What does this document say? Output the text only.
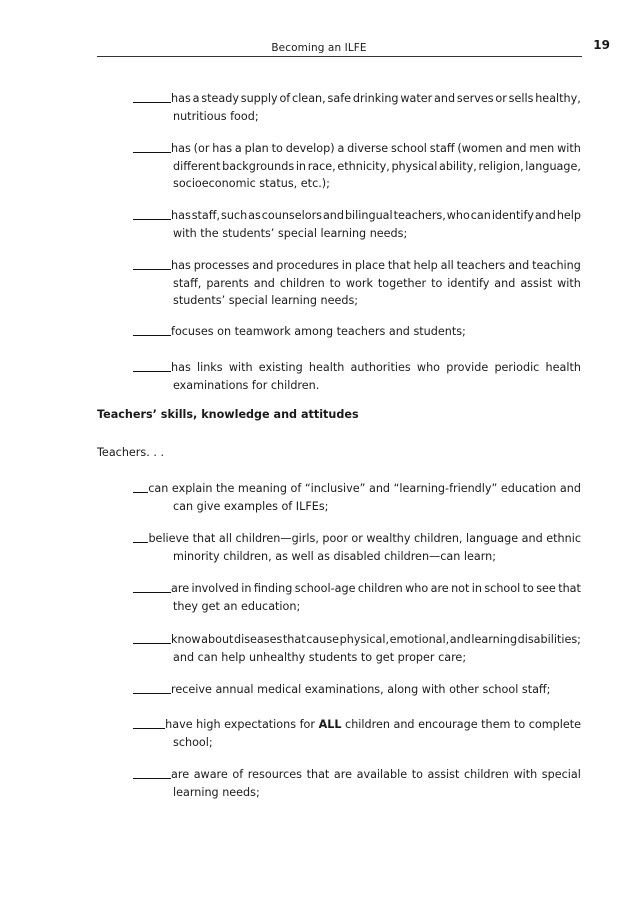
Becoming an ILFE	19
has a steady supply of clean, safe drinking water and serves or sells healthy,
nutritious food;
has (or has a plan to develop) a diverse school staff (women and men with
different backgrounds in race, ethnicity, physical ability, religion, language,
socioeconomic status, etc.);
has staff, such as counselors and bilingual teachers, who can identify and help
with the students’ special learning needs;
has processes and procedures in place that help all teachers and teaching
staff, parents and children to work together to identify and assist with
students’ special learning needs;
focuses on teamwork among teachers and students;
has links with existing health authorities who provide periodic health
examinations for children.
Teachers’ skills, knowledge and attitudes
Teachers. . .
can explain the meaning of “inclusive” and “learning-friendly” education and
can give examples of ILFEs;
believe that all children—girls, poor or wealthy children, language and ethnic
minority children, as well as disabled children—can learn;
are involved in finding school-age children who are not in school to see that
they get an education;
know about diseases that cause physical, emotional, and learning disabilities;
and can help unhealthy students to get proper care;
receive annual medical examinations, along with other school staff;
have high expectations for ALL children and encourage them to complete
school;
are aware of resources that are available to assist children with special
learning needs;
